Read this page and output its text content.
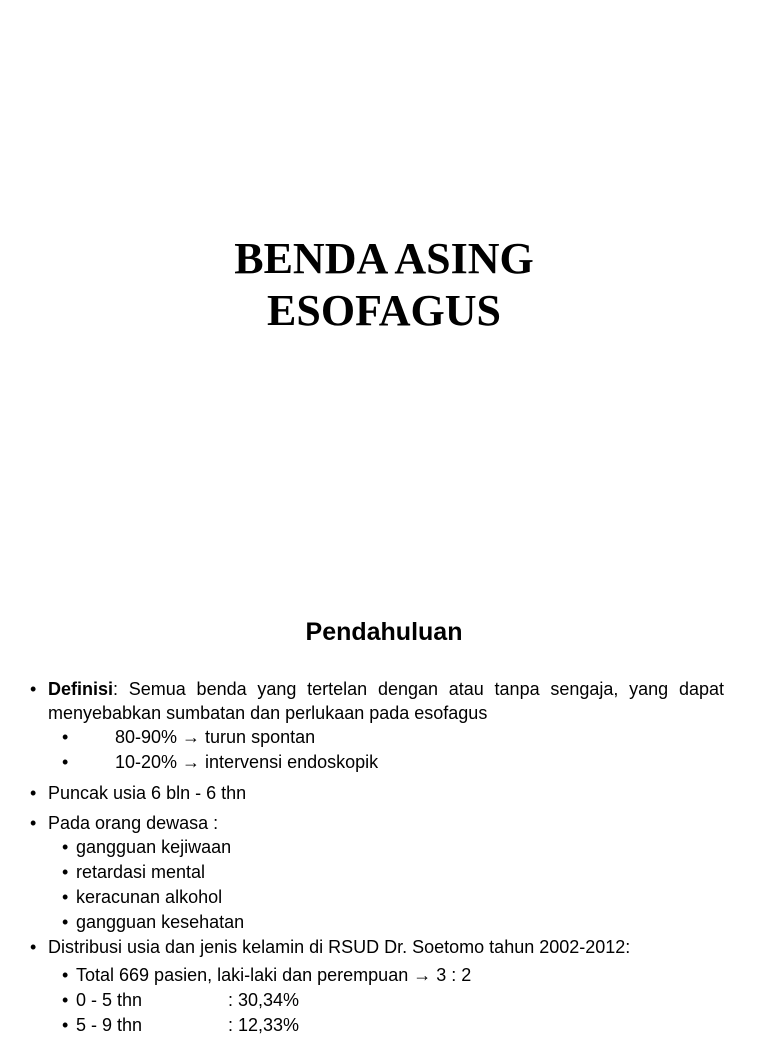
BENDA ASING
ESOFAGUS
Pendahuluan
• Definisi: Semua benda yang tertelan dengan atau tanpa sengaja, yang dapat menyebabkan sumbatan dan perlukaan pada esofagus
• 80-90% → turun spontan
• 10-20% → intervensi endoskopik
• Puncak usia 6 bln - 6 thn
• Pada orang dewasa :
• gangguan kejiwaan
• retardasi mental
• keracunan alkohol
• gangguan kesehatan
• Distribusi usia dan jenis kelamin di RSUD Dr. Soetomo tahun 2002-2012:
• Total 669 pasien, laki-laki dan perempuan → 3 : 2
• 0 - 5 thn	: 30,34%
• 5 - 9 thn	: 12,33%
